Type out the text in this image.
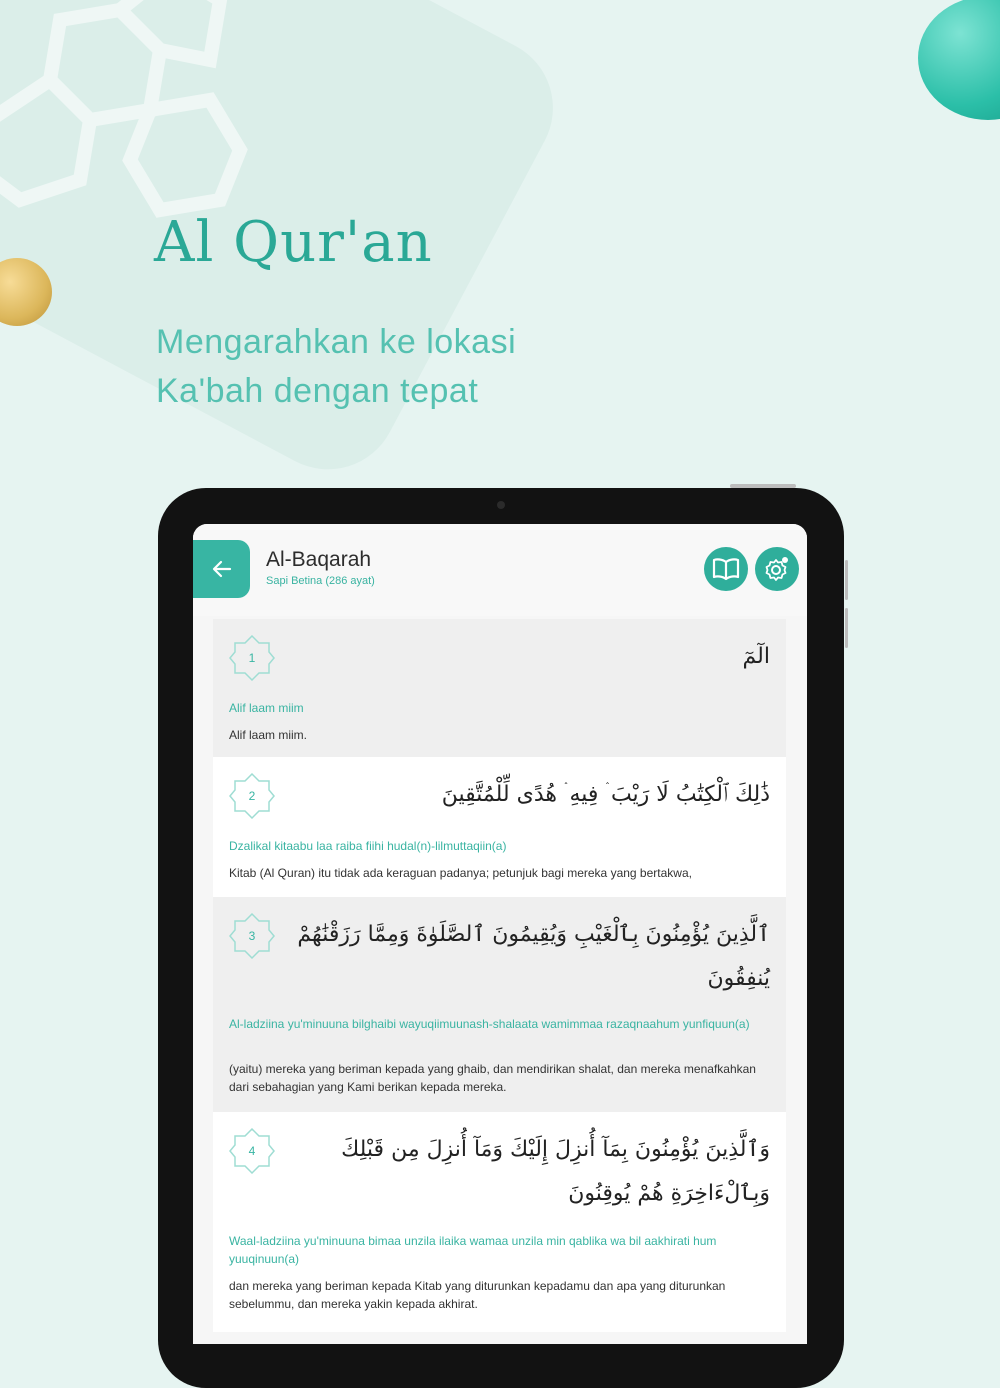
Al Qur'an
Mengarahkan ke lokasi
Ka'bah dengan tepat
Al-Baqarah
Sapi Betina (286 ayat)
1	الٓمٓ
Alif laam miim
Alif laam miim.
2	ذَٰلِكَ ٱلْكِتَٰبُ لَا رَيْبَ ۛ فِيهِ ۛ هُدًى لِّلْمُتَّقِينَ
Dzalikal kitaabu laa raiba fiihi hudal(n)-lilmuttaqiin(a)
Kitab (Al Quran) itu tidak ada keraguan padanya; petunjuk bagi mereka yang bertakwa,
3	ٱلَّذِينَ يُؤْمِنُونَ بِٱلْغَيْبِ وَيُقِيمُونَ ٱلصَّلَوٰةَ وَمِمَّا رَزَقْنَٰهُمْ
يُنفِقُونَ
Al-ladziina yu'minuuna bilghaibi wayuqiimuunash-shalaata wamimmaa razaqnaahum yunfiquun(a)
(yaitu) mereka yang beriman kepada yang ghaib, dan mendirikan shalat, dan mereka menafkahkan dari sebahagian yang Kami berikan kepada mereka.
4	وَٱلَّذِينَ يُؤْمِنُونَ بِمَآ أُنزِلَ إِلَيْكَ وَمَآ أُنزِلَ مِن قَبْلِكَ
وَبِٱلْءَاخِرَةِ هُمْ يُوقِنُونَ
Waal-ladziina yu'minuuna bimaa unzila ilaika wamaa unzila min qablika wa bil aakhirati hum yuuqinuun(a)
dan mereka yang beriman kepada Kitab yang diturunkan kepadamu dan apa yang diturunkan sebelummu, dan mereka yakin kepada akhirat.
